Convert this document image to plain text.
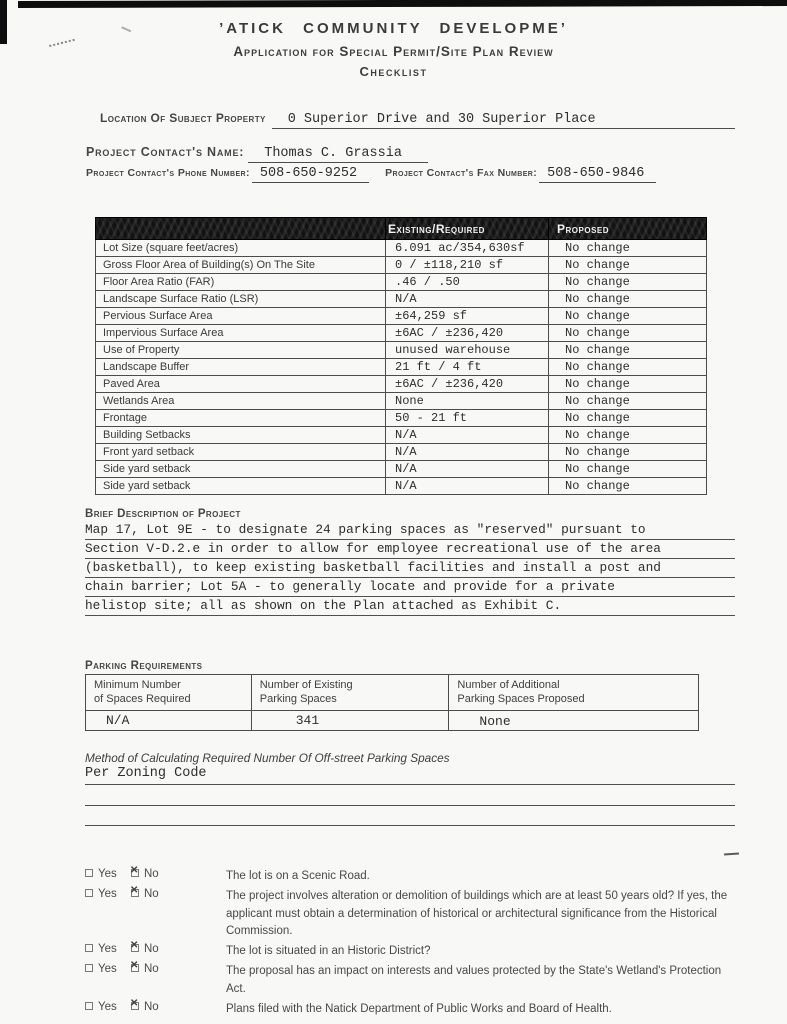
’ATICK COMMUNITY DEVELOPME’
Application for Special Permit/Site Plan Review
Checklist
Location Of Subject Property	0 Superior Drive and 30 Superior Place
Project Contact's Name:	Thomas C. Grassia
Project Contact's Phone Number: 508-650-9252	Project Contact's Fax Number: 508-650-9846
	Existing/Required	Proposed
Lot Size (square feet/acres)	6.091 ac/354,630sf	No change
Gross Floor Area of Building(s) On The Site	0 / ±118,210 sf	No change
Floor Area Ratio (FAR)	.46 / .50	No change
Landscape Surface Ratio (LSR)	N/A	No change
Pervious Surface Area	±64,259 sf	No change
Impervious Surface Area	±6AC / ±236,420	No change
Use of Property	unused warehouse	No change
Landscape Buffer	21 ft / 4 ft	No change
Paved Area	±6AC / ±236,420	No change
Wetlands Area	None	No change
Frontage	50 - 21 ft	No change
Building Setbacks	N/A	No change
Front yard setback	N/A	No change
Side yard setback	N/A	No change
Side yard setback	N/A	No change
Brief Description of Project
Map 17, Lot 9E - to designate 24 parking spaces as "reserved" pursuant to
Section V-D.2.e in order to allow for employee recreational use of the area
(basketball), to keep existing basketball facilities and install a post and
chain barrier; Lot 5A - to generally locate and provide for a private
helistop site; all as shown on the Plan attached as Exhibit C.
Parking Requirements
Minimum Number
of Spaces Required

Number of Existing
Parking Spaces

Number of Additional
Parking Spaces Proposed

N/A	341	None
Method of Calculating Required Number Of Off-street Parking Spaces
Per Zoning Code
Yes ✕ No	The lot is on a Scenic Road.
Yes ✕ No	The project involves alteration or demolition of buildings which are at least 50 years old? If yes, the applicant must obtain a determination of historical or architectural significance from the Historical Commission.
Yes ✕ No	The lot is situated in an Historic District?
Yes ✕ No	The proposal has an impact on interests and values protected by the State's Wetland's Protection Act.
Yes ✕ No	Plans filed with the Natick Department of Public Works and Board of Health.
